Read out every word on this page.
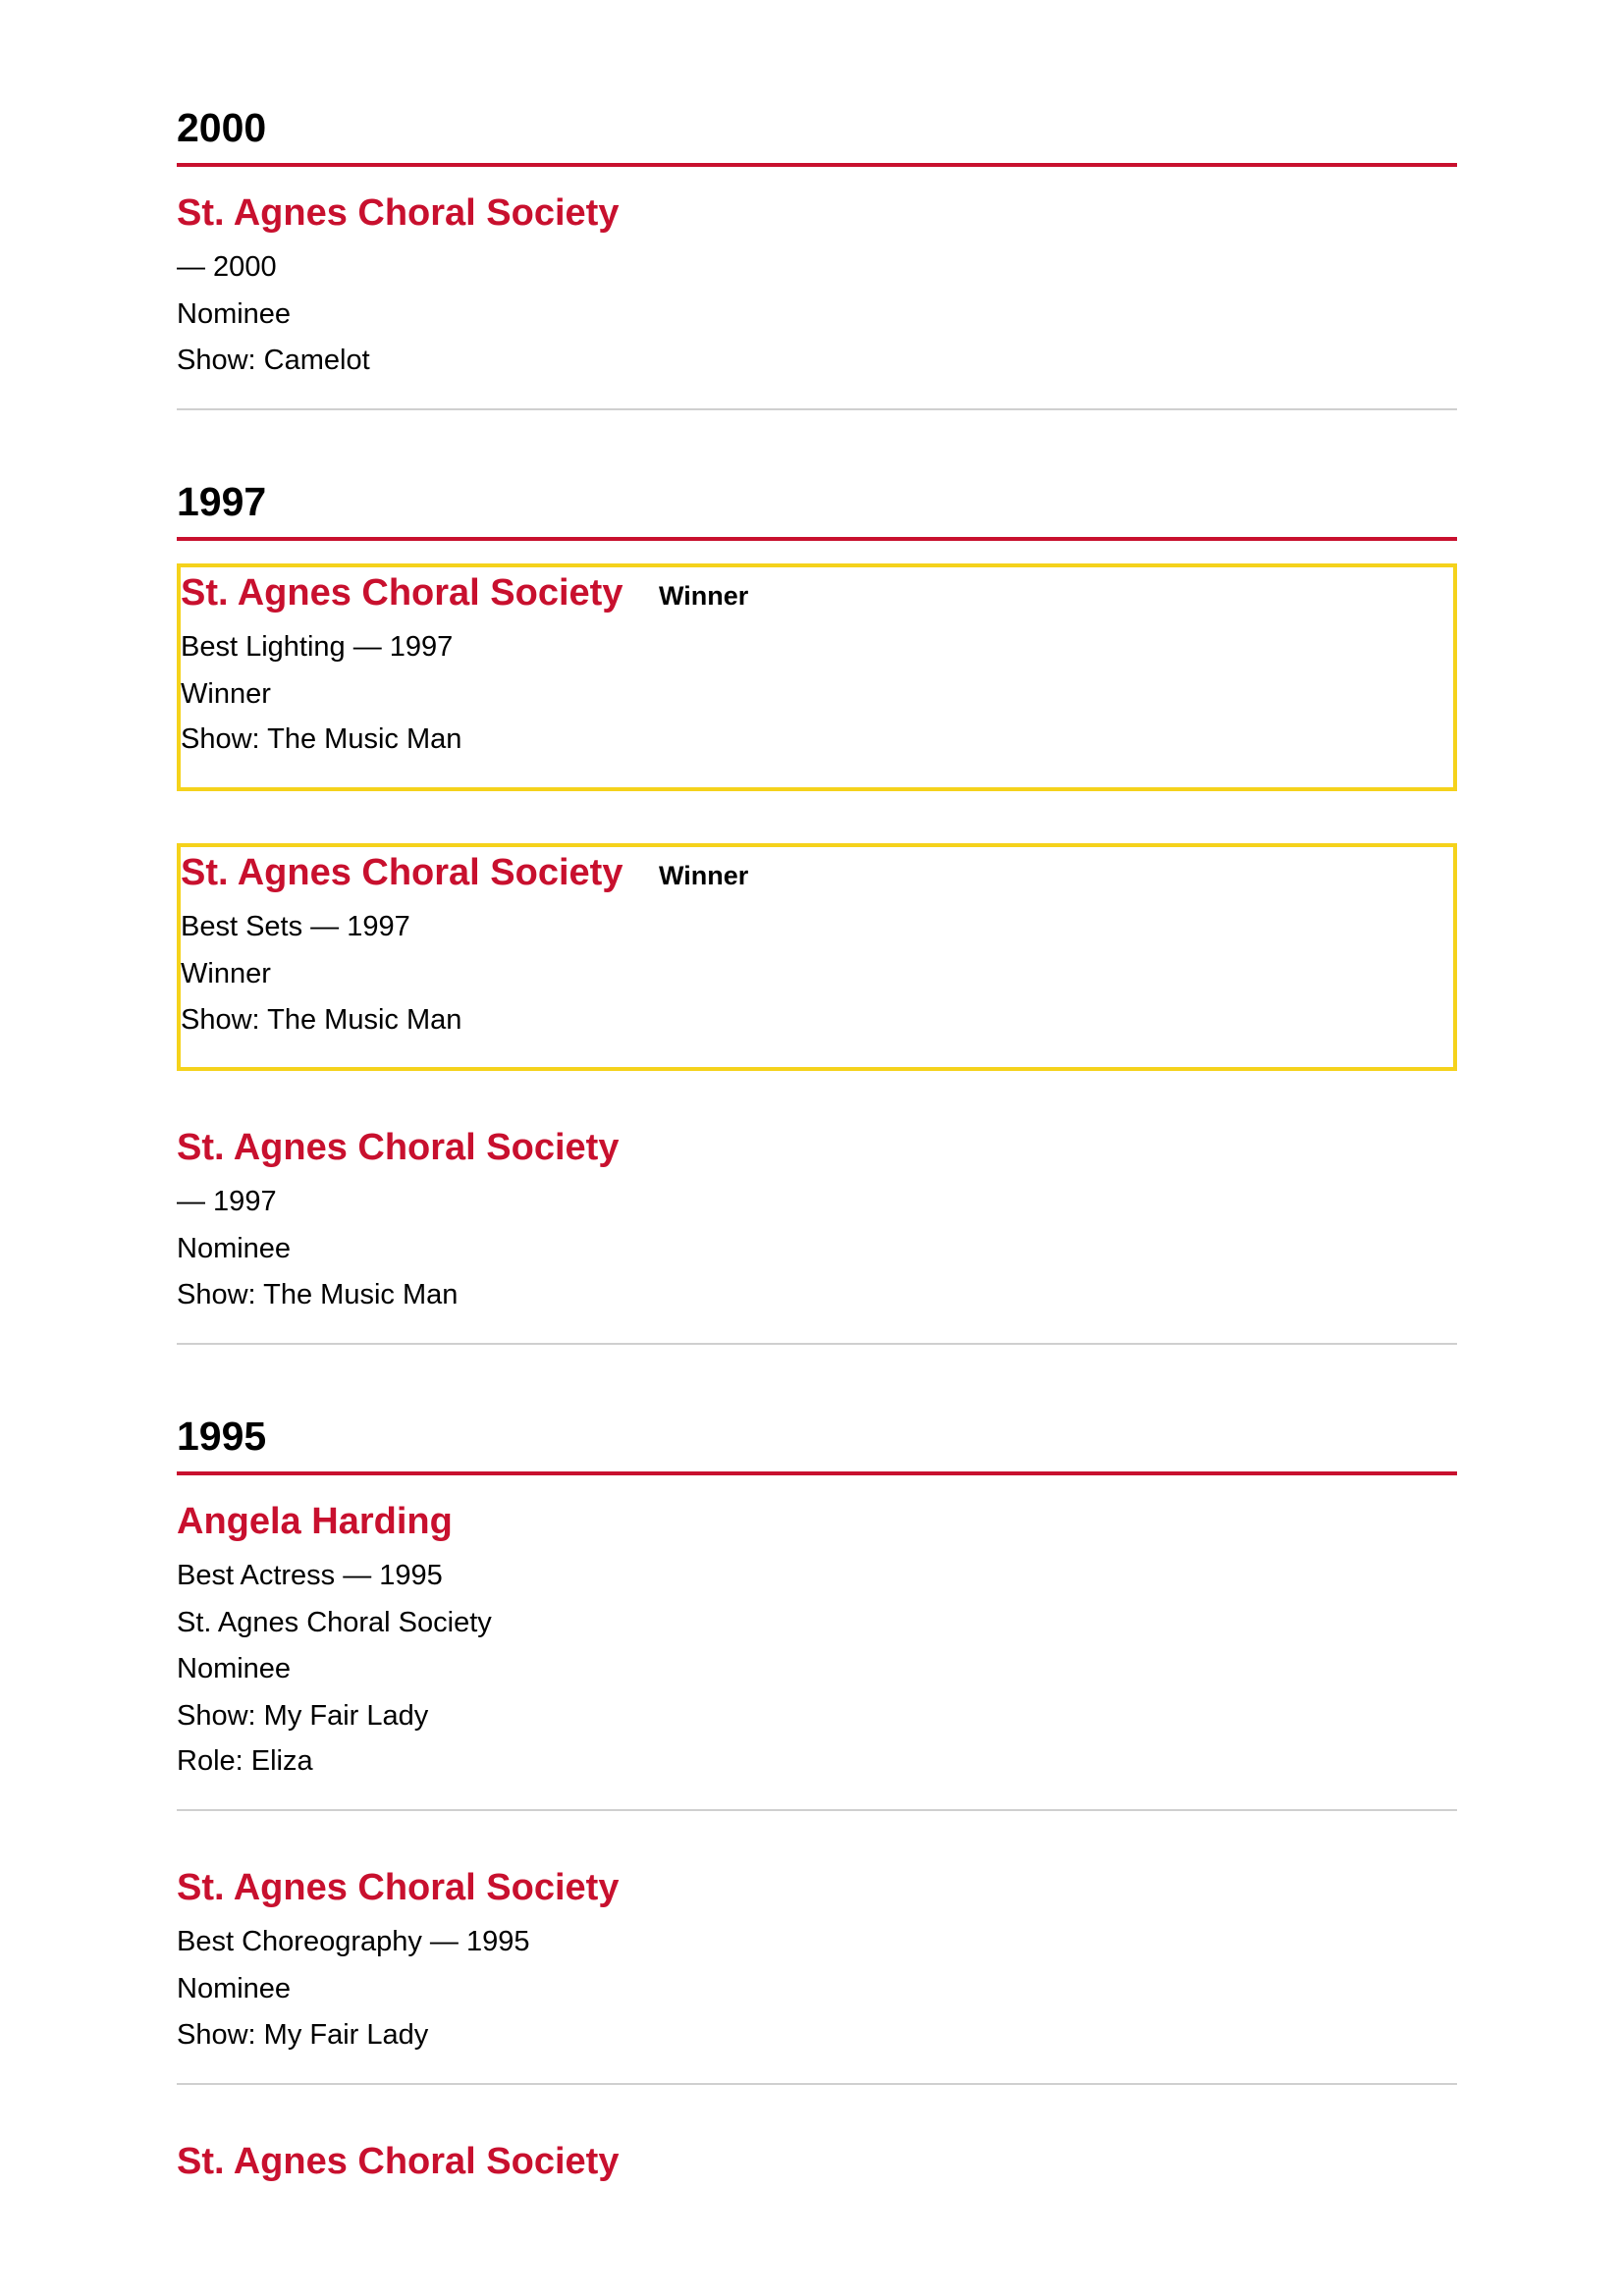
2000
St. Agnes Choral Society
— 2000
Nominee
Show: Camelot
1997
St. Agnes Choral Society Winner
Best Lighting — 1997
Winner
Show: The Music Man
St. Agnes Choral Society Winner
Best Sets — 1997
Winner
Show: The Music Man
St. Agnes Choral Society
— 1997
Nominee
Show: The Music Man
1995
Angela Harding
Best Actress — 1995
St. Agnes Choral Society
Nominee
Show: My Fair Lady
Role: Eliza
St. Agnes Choral Society
Best Choreography — 1995
Nominee
Show: My Fair Lady
St. Agnes Choral Society
